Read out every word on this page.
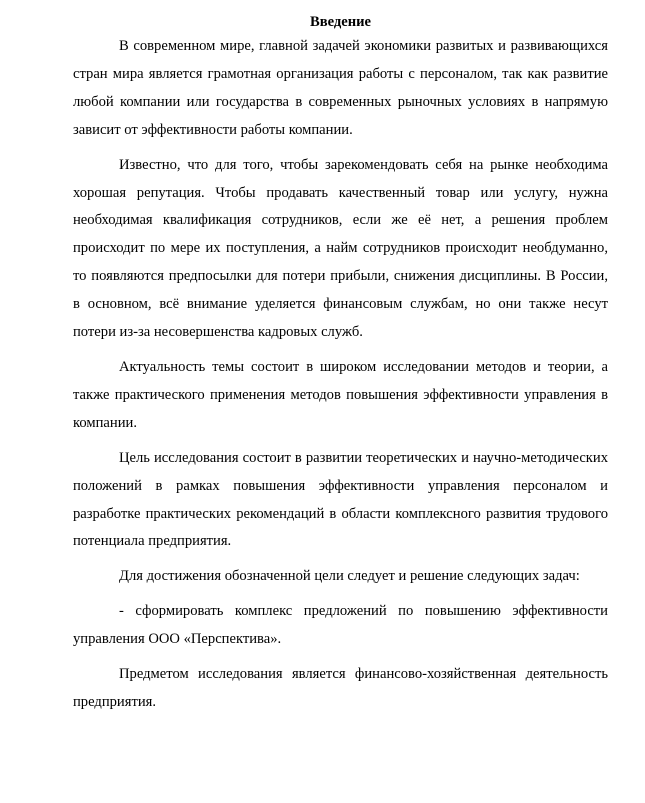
Введение

В современном мире, главной задачей экономики развитых и развивающихся стран мира является грамотная организация работы с персоналом, так как развитие любой компании или государства в современных рыночных условиях в напрямую зависит от эффективности работы компании.

Известно, что для того, чтобы зарекомендовать себя на рынке необходима хорошая репутация. Чтобы продавать качественный товар или услугу, нужна необходимая квалификация сотрудников, если же её нет, а решения проблем происходит по мере их поступления, а найм сотрудников происходит необдуманно, то появляются предпосылки для потери прибыли, снижения дисциплины. В России, в основном, всё внимание уделяется финансовым службам, но они также несут потери из-за несовершенства кадровых служб.

Актуальность темы состоит в широком исследовании методов и теории, а также практического применения методов повышения эффективности управления в компании.

Цель исследования состоит в развитии теоретических и научно-методических положений в рамках повышения эффективности управления персоналом и разработке практических рекомендаций в области комплексного развития трудового потенциала предприятия.

Для достижения обозначенной цели следует и решение следующих задач:

- сформировать комплекс предложений по повышению эффективности управления ООО «Перспектива».

Предметом исследования является финансово-хозяйственная деятельность предприятия.
